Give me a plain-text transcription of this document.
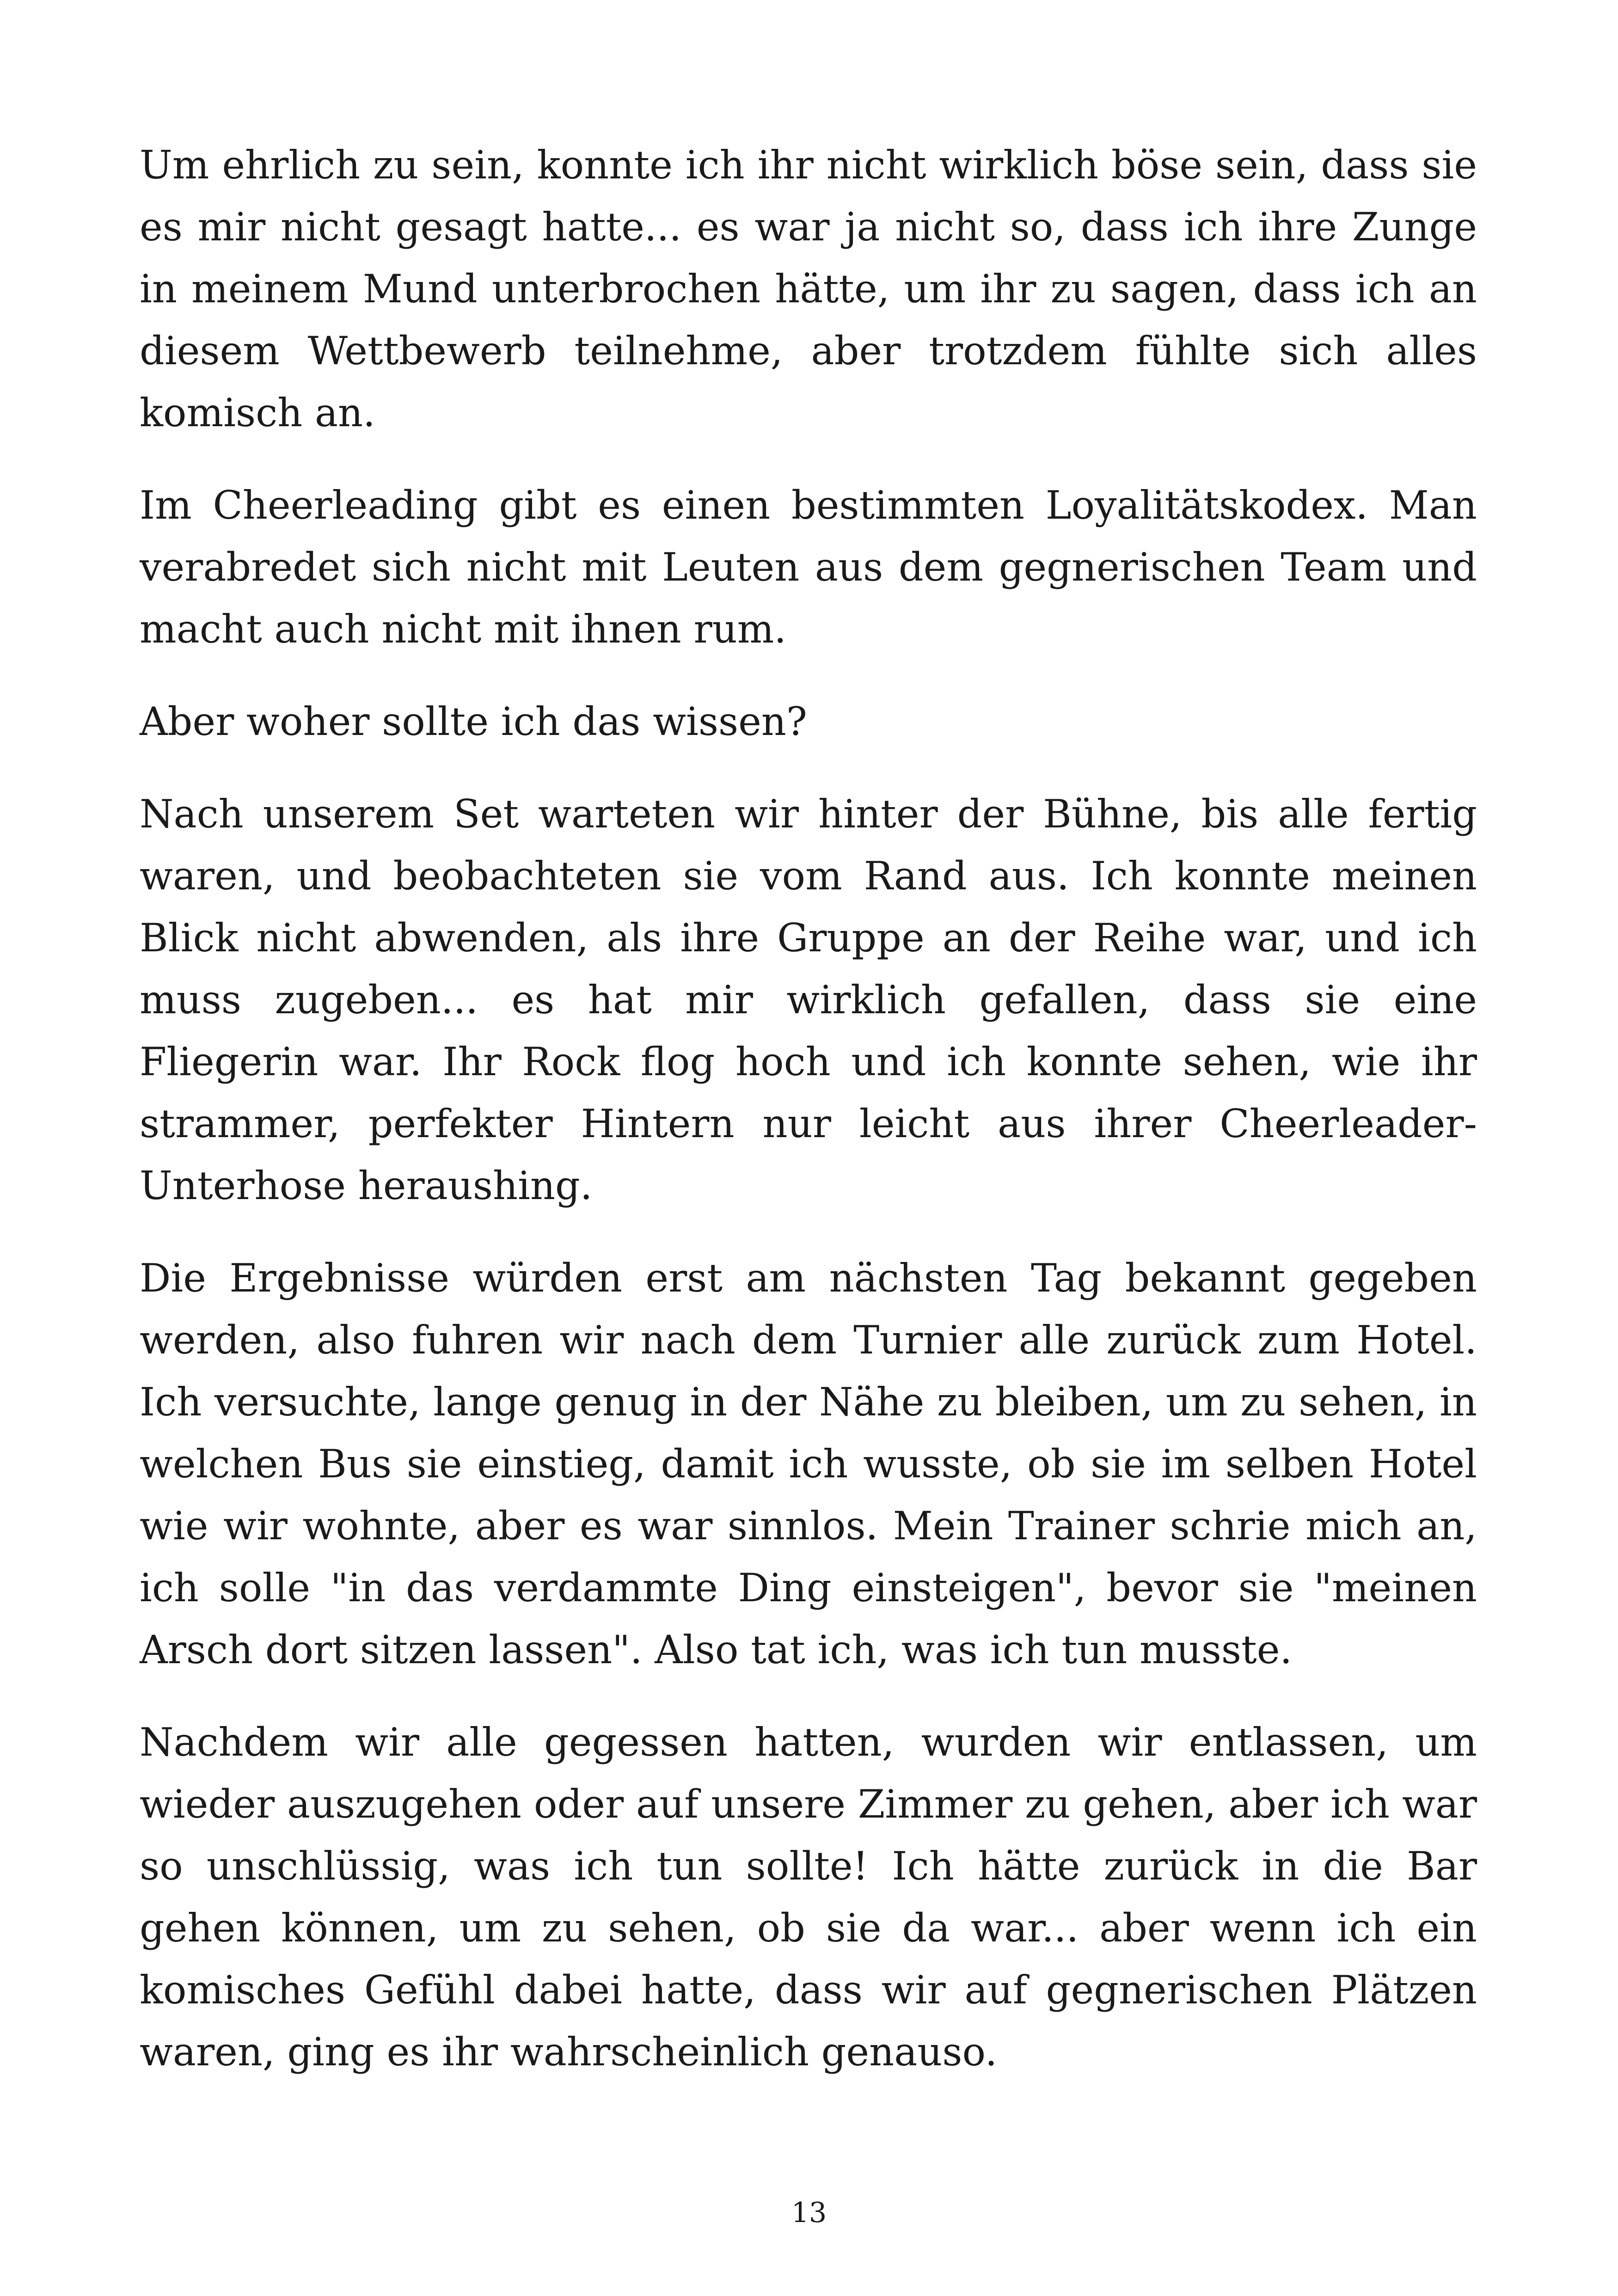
Um ehrlich zu sein, konnte ich ihr nicht wirklich böse sein, dass sie es mir nicht gesagt hatte... es war ja nicht so, dass ich ihre Zunge in meinem Mund unterbrochen hätte, um ihr zu sagen, dass ich an diesem Wettbewerb teilnehme, aber trotzdem fühlte sich alles komisch an.

Im Cheerleading gibt es einen bestimmten Loyalitätskodex. Man verabredet sich nicht mit Leuten aus dem gegnerischen Team und macht auch nicht mit ihnen rum.

Aber woher sollte ich das wissen?

Nach unserem Set warteten wir hinter der Bühne, bis alle fertig waren, und beobachteten sie vom Rand aus. Ich konnte meinen Blick nicht abwenden, als ihre Gruppe an der Reihe war, und ich muss zugeben... es hat mir wirklich gefallen, dass sie eine Fliegerin war. Ihr Rock flog hoch und ich konnte sehen, wie ihr strammer, perfekter Hintern nur leicht aus ihrer Cheerleader-Unterhose heraushing.

Die Ergebnisse würden erst am nächsten Tag bekannt gegeben werden, also fuhren wir nach dem Turnier alle zurück zum Hotel. Ich versuchte, lange genug in der Nähe zu bleiben, um zu sehen, in welchen Bus sie einstieg, damit ich wusste, ob sie im selben Hotel wie wir wohnte, aber es war sinnlos. Mein Trainer schrie mich an, ich solle "in das verdammte Ding einsteigen", bevor sie "meinen Arsch dort sitzen lassen". Also tat ich, was ich tun musste.

Nachdem wir alle gegessen hatten, wurden wir entlassen, um wieder auszugehen oder auf unsere Zimmer zu gehen, aber ich war so unschlüssig, was ich tun sollte! Ich hätte zurück in die Bar gehen können, um zu sehen, ob sie da war... aber wenn ich ein komisches Gefühl dabei hatte, dass wir auf gegnerischen Plätzen waren, ging es ihr wahrscheinlich genauso.

13
